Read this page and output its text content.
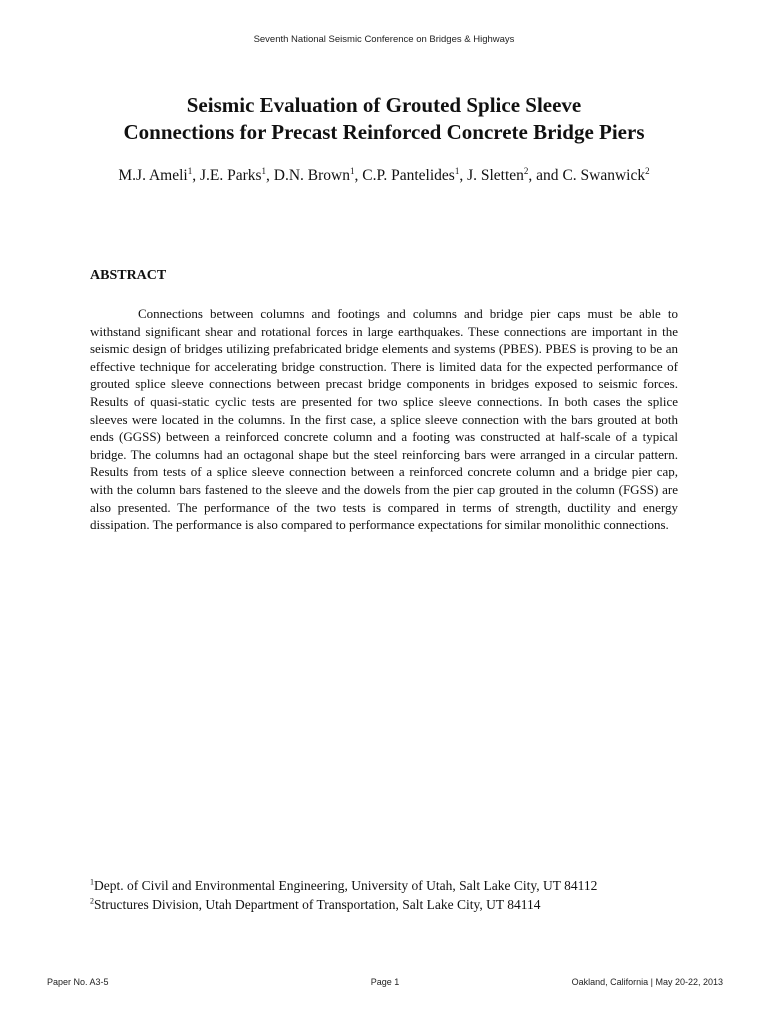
Seventh National Seismic Conference on Bridges & Highways
Seismic Evaluation of Grouted Splice Sleeve
Connections for Precast Reinforced Concrete Bridge Piers
M.J. Ameli$^1$, J.E. Parks$^1$, D.N. Brown$^1$, C.P. Pantelides$^1$, J. Sletten$^2$, and C. Swanwick$^2$
ABSTRACT

Connections between columns and footings and columns and bridge pier caps must be able to withstand significant shear and rotational forces in large earthquakes. These connections are important in the seismic design of bridges utilizing prefabricated bridge elements and systems (PBES). PBES is proving to be an effective technique for accelerating bridge construction. There is limited data for the expected performance of grouted splice sleeve connections between precast bridge components in bridges exposed to seismic forces. Results of quasi-static cyclic tests are presented for two splice sleeve connections. In both cases the splice sleeves were located in the columns. In the first case, a splice sleeve connection with the bars grouted at both ends (GGSS) between a reinforced concrete column and a footing was constructed at half-scale of a typical bridge. The columns had an octagonal shape but the steel reinforcing bars were arranged in a circular pattern. Results from tests of a splice sleeve connection between a reinforced concrete column and a bridge pier cap, with the column bars fastened to the sleeve and the dowels from the pier cap grouted in the column (FGSS) are also presented. The performance of the two tests is compared in terms of strength, ductility and energy dissipation. The performance is also compared to performance expectations for similar monolithic connections.

$^1$Dept. of Civil and Environmental Engineering, University of Utah, Salt Lake City, UT 84112
$^2$Structures Division, Utah Department of Transportation, Salt Lake City, UT 84114
Paper No. A3-5	Page 1	Oakland, California | May 20-22, 2013
